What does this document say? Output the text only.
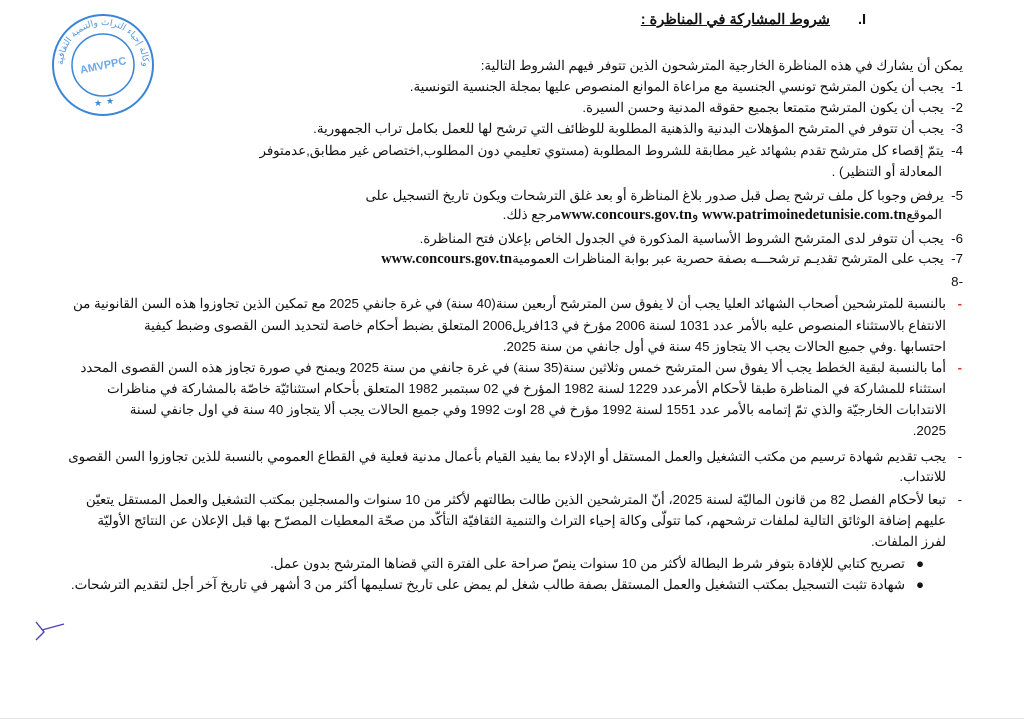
وكالة إحياء التراث والتنمية الثقافية
AMVPPC
★ ★
I.شروط المشاركة في المناظرة :
يمكن أن يشارك في هذه المناظرة الخارجية المترشحون الذين تتوفر فيهم الشروط التالية:
1-  يجب أن يكون المترشح تونسي الجنسية مع مراعاة الموانع المنصوص عليها بمجلة الجنسية التونسية.
2-  يجب أن يكون المترشح متمتعا بجميع حقوقه المدنية وحسن السيرة.
3-  يجب أن تتوفر في المترشح المؤهلات البدنية والذهنية المطلوبة للوظائف التي ترشح لها للعمل بكامل تراب الجمهورية.
4-  يتمّ إقصاء كل مترشح تقدم بشهائد غير مطابقة للشروط المطلوبة (مستوي تعليمي دون المطلوب,اختصاص غير مطابق,عدمتوفر
المعادلة أو التنظير) .
5-  يرفض وجوبا كل ملف ترشح يصل قبل صدور بلاغ المناظرة أو بعد غلق الترشحات ويكون تاريخ التسجيل على
الموقعwww.patrimoinedetunisie.com.tn وwww.concours.gov.tnمرجع ذلك.
6-  يجب أن تتوفر لدى المترشح الشروط الأساسية المذكورة في الجدول الخاص بإعلان فتح المناظرة.
7-  يجب على المترشح تقديـم ترشحـــه بصفة حصرية عبر بوابة المناظرات العموميةwww.concours.gov.tn
-8
-
بالنسبة للمترشحين أصحاب الشهائد العليا يجب أن لا يفوق سن المترشح أربعين سنة(40 سنة) في غرة جانفي 2025 مع تمكين الذين تجاوزوا هذه السن القانونية من
الانتفاع بالاستثناء المنصوص عليه بالأمر عدد 1031 لسنة 2006 مؤرخ في 13افريل2006 المتعلق بضبط أحكام خاصة لتحديد السن القصوى وضبط كيفية
احتسابها .وفي جميع الحالات يجب الا يتجاوز 45 سنة في أول جانفي من سنة 2025.
-
أما بالنسبة لبقية الخطط يجب ألا يفوق سن المترشح خمس وثلاثين سنة(35 سنة) في غرة جانفي من سنة 2025 ويمنح في صورة تجاوز هذه السن القصوى المحدد
استثناء للمشاركة في المناظرة طبقا لأحكام الأمرعدد 1229 لسنة 1982 المؤرخ في 02 سبتمبر 1982 المتعلق بأحكام استثنائيّة خاصّة بالمشاركة في مناظرات
الانتدابات الخارجيّة والذي تمّ إتمامه بالأمر عدد 1551 لسنة 1992 مؤرخ في 28 اوت 1992 وفي جميع الحالات يجب ألا يتجاوز 40 سنة في اول جانفي لسنة
2025.
-
يجب تقديم شهادة ترسيم من مكتب التشغيل والعمل المستقل أو الإدلاء بما يفيد القيام بأعمال مدنية فعلية في القطاع العمومي بالنسبة للذين تجاوزوا السن القصوى
للانتداب.
-
تبعا لأحكام الفصل 82 من قانون الماليّة لسنة 2025، أنّ المترشحين الذين طالت بطالتهم لأكثر من 10 سنوات والمسجلين بمكتب التشغيل والعمل المستقل يتعيّن
عليهم إضافة الوثائق التالية لملفات ترشحهم، كما تتولّى وكالة إحياء التراث والتنمية الثقافيّة التأكّد من صحّة المعطيات المصرّح بها قبل الإعلان عن النتائج الأوليّة
لفرز الملفات.
●   تصريح كتابي للإفادة بتوفر شرط البطالة لأكثر من 10 سنوات ينصّ صراحة على الفترة التي قضاها المترشح بدون عمل.
●   شهادة تثبت التسجيل بمكتب التشغيل والعمل المستقل بصفة طالب شغل لم يمض على تاريخ تسليمها أكثر من 3 أشهر في تاريخ آخر أجل لتقديم الترشحات.
